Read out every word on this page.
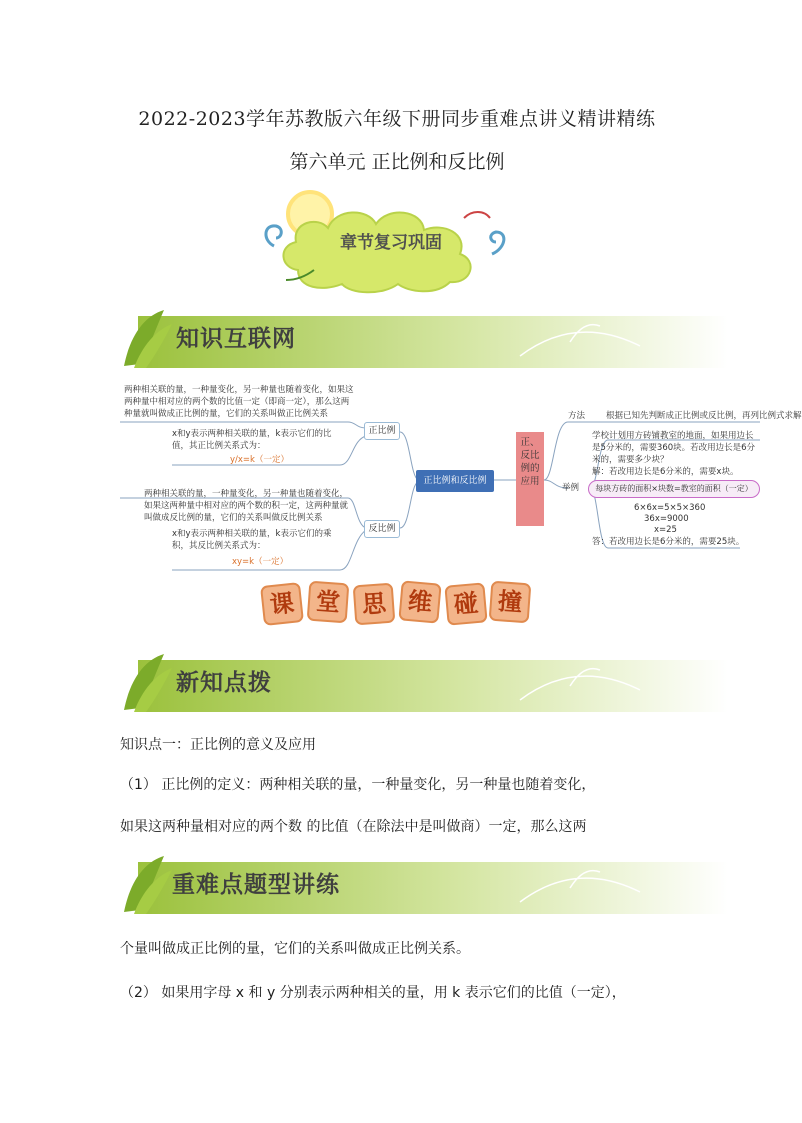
2022-2023学年苏教版六年级下册同步重难点讲义精讲精练
第六单元 正比例和反比例
章节复习巩固
知识互联网
两种相关联的量，一种量变化，另一种量也随着变化，如果这两种量中相对应的两个数的比值一定（即商一定），那么这两种量就叫做成正比例的量，它们的关系叫做正比例关系
正比例
x和y表示两种相关联的量，k表示它们的比值，其正比例关系式为：
y/x=k（一定）
两种相关联的量，一种量变化，另一种量也随着变化，如果这两种量中相对应的两个数的积一定，这两种量就叫做成反比例的量，它们的关系叫做反比例关系
反比例
x和y表示两种相关联的量，k表示它们的乘积，其反比例关系式为：
xy=k（一定）
正比例和反比例
正、反比例的应用
方法 根据已知先判断成正比例或反比例，再列比例式求解
举例
学校计划用方砖铺教室的地面，如果用边长是5分米的，需要360块。若改用边长是6分米的，需要多少块？
解：若改用边长是6分米的，需要x块。
每块方砖的面积×块数=教室的面积（一定）
6×6x=5×5×360
36x=9000
x=25
答：若改用边长是6分米的，需要25块。
课 堂 思 维 碰 撞
新知点拨
知识点一：正比例的意义及应用
（1） 正比例的定义：两种相关联的量，一种量变化，另一种量也随着变化，
如果这两种量相对应的两个数 的比值（在除法中是叫做商）一定，那么这两
重难点题型讲练
个量叫做成正比例的量，它们的关系叫做成正比例关系。
（2） 如果用字母 x 和 y 分别表示两种相关的量，用 k 表示它们的比值（一定），
